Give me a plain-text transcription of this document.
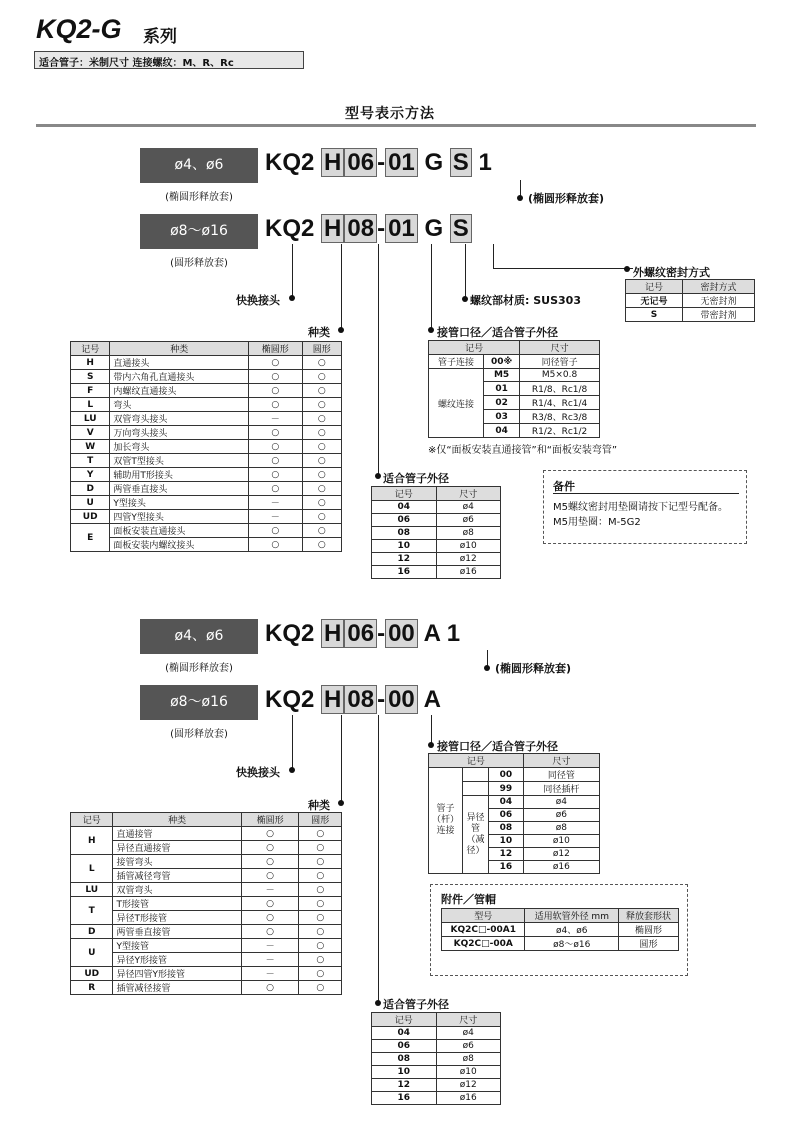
KQ2-G 系列
适合管子：米制尺寸 连接螺纹：M、R、Rc
型号表示方法
ø4、ø6
(椭圆形释放套)
ø8～ø16
(圆形释放套)
KQ2 H 06 - 01 G S 1
KQ2 H 08 - 01 G S
(椭圆形释放套)
快换接头
种类
外螺纹密封方式
记号	密封方式
无记号	无密封剂
S	带密封剂
螺纹部材质: SUS303
接管口径／适合管子外径
记号		尺寸
管子连接	00※	同径管子
螺纹连接	M5	M5×0.8
	01	R1/8、Rc1/8
	02	R1/4、Rc1/4
	03	R3/8、Rc3/8
	04	R1/2、Rc1/2
※仅“面板安装直通接管”和“面板安装弯管”
适合管子外径
记号	尺寸
04	ø4
06	ø6
08	ø8
10	ø10
12	ø12
16	ø16
备件
M5螺纹密封用垫圈请按下记型号配备。
M5用垫圈：M-5G2
记号	种类	椭圆形	圆形
H	直通接头	○	○
S	带内六角孔直通接头	○	○
F	内螺纹直通接头	○	○
L	弯头	○	○
LU	双管弯头接头	－	○
V	万向弯头接头	○	○
W	加长弯头	○	○
T	双管T型接头	○	○
Y	辅助用T形接头	○	○
D	两管垂直接头	○	○
U	Y型接头	－	○
UD	四管Y型接头	－	○
E	面板安装直通接头	○	○
	面板安装内螺纹接头	○	○
ø4、ø6
(椭圆形释放套)
ø8～ø16
(圆形释放套)
KQ2 H 06 - 00 A 1
KQ2 H 08 - 00 A
(椭圆形释放套)
快换接头
种类
接管口径／适合管子外径
记号			尺寸
管子（杆）连接		00	同径管
		99	同径插杆
	异径管（减径）	04	ø4
		06	ø6
		08	ø8
		10	ø10
		12	ø12
		16	ø16
附件／管帽
型号	适用软管外径 mm	释放套形状
KQ2C□-00A1	ø4、ø6	椭圆形
KQ2C□-00A	ø8～ø16	圆形
适合管子外径
记号	尺寸
04	ø4
06	ø6
08	ø8
10	ø10
12	ø12
16	ø16
记号	种类	椭圆形	圆形
H	直通接管	○	○
	异径直通接管	○	○
L	接管弯头	○	○
	插管减径弯管	○	○
LU	双管弯头	－	○
T	T形接管	○	○
	异径T形接管	○	○
D	两管垂直接管	○	○
U	Y型接管	－	○
	异径Y形接管	－	○
UD	异径四管Y形接管	－	○
R	插管减径接管	○	○
